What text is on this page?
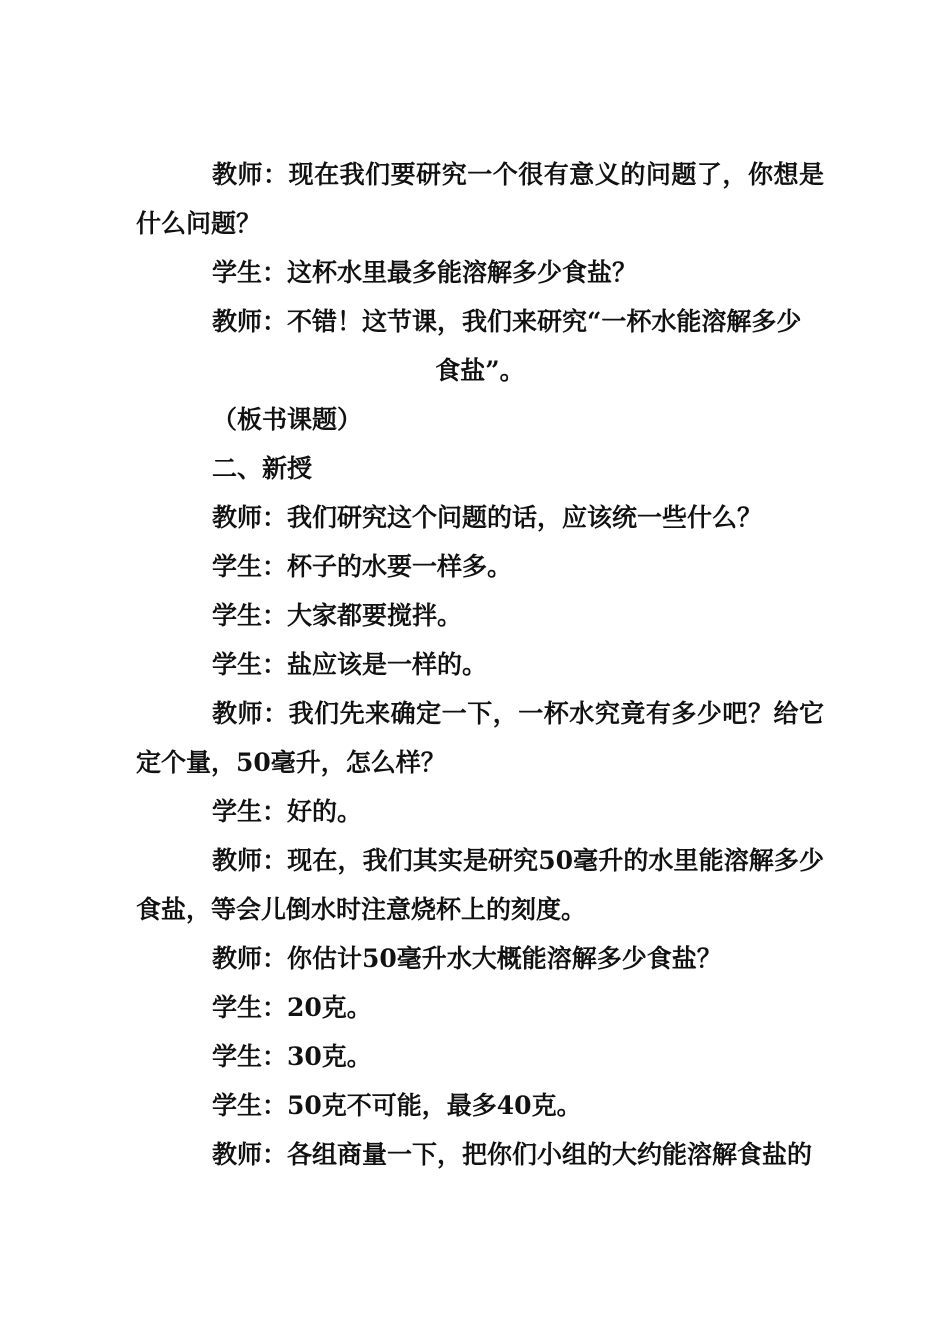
教师：现在我们要研究一个很有意义的问题了，你想是什么问题？

学生：这杯水里最多能溶解多少食盐？

教师：不错！这节课，我们来研究“一杯水能溶解多少

食盐”。

（板书课题）

二、新授

教师：我们研究这个问题的话，应该统一些什么？

学生：杯子的水要一样多。

学生：大家都要搅拌。

学生：盐应该是一样的。

教师：我们先来确定一下，一杯水究竟有多少吧？给它定个量，50毫升，怎么样？

学生：好的。

教师：现在，我们其实是研究50毫升的水里能溶解多少食盐，等会儿倒水时注意烧杯上的刻度。

教师：你估计50毫升水大概能溶解多少食盐？

学生：20克。

学生：30克。

学生：50克不可能，最多40克。

教师：各组商量一下，把你们小组的大约能溶解食盐的
